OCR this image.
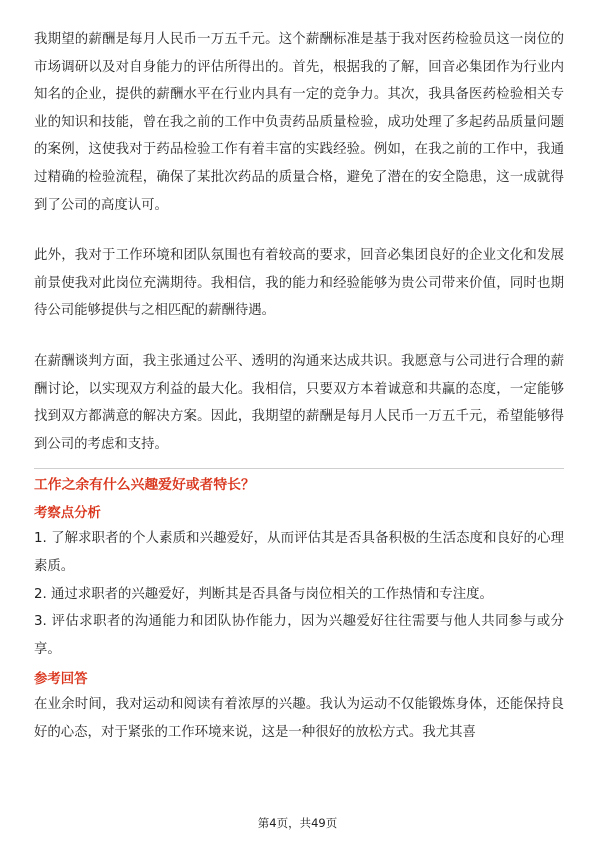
我期望的薪酬是每月人民币一万五千元。这个薪酬标准是基于我对医药检验员这一岗位的市场调研以及对自身能力的评估所得出的。首先，根据我的了解，回音必集团作为行业内知名的企业，提供的薪酬水平在行业内具有一定的竞争力。其次，我具备医药检验相关专业的知识和技能，曾在我之前的工作中负责药品质量检验，成功处理了多起药品质量问题的案例，这使我对于药品检验工作有着丰富的实践经验。例如，在我之前的工作中，我通过精确的检验流程，确保了某批次药品的质量合格，避免了潜在的安全隐患，这一成就得到了公司的高度认可。

此外，我对于工作环境和团队氛围也有着较高的要求，回音必集团良好的企业文化和发展前景使我对此岗位充满期待。我相信，我的能力和经验能够为贵公司带来价值，同时也期待公司能够提供与之相匹配的薪酬待遇。

在薪酬谈判方面，我主张通过公平、透明的沟通来达成共识。我愿意与公司进行合理的薪酬讨论，以实现双方利益的最大化。我相信，只要双方本着诚意和共赢的态度，一定能够找到双方都满意的解决方案。因此，我期望的薪酬是每月人民币一万五千元，希望能够得到公司的考虑和支持。

工作之余有什么兴趣爱好或者特长？
考察点分析

1. 了解求职者的个人素质和兴趣爱好，从而评估其是否具备积极的生活态度和良好的心理素质。

2. 通过求职者的兴趣爱好，判断其是否具备与岗位相关的工作热情和专注度。

3. 评估求职者的沟通能力和团队协作能力，因为兴趣爱好往往需要与他人共同参与或分享。

参考回答

在业余时间，我对运动和阅读有着浓厚的兴趣。我认为运动不仅能锻炼身体，还能保持良好的心态，对于紧张的工作环境来说，这是一种很好的放松方式。我尤其喜

第4页，共49页
